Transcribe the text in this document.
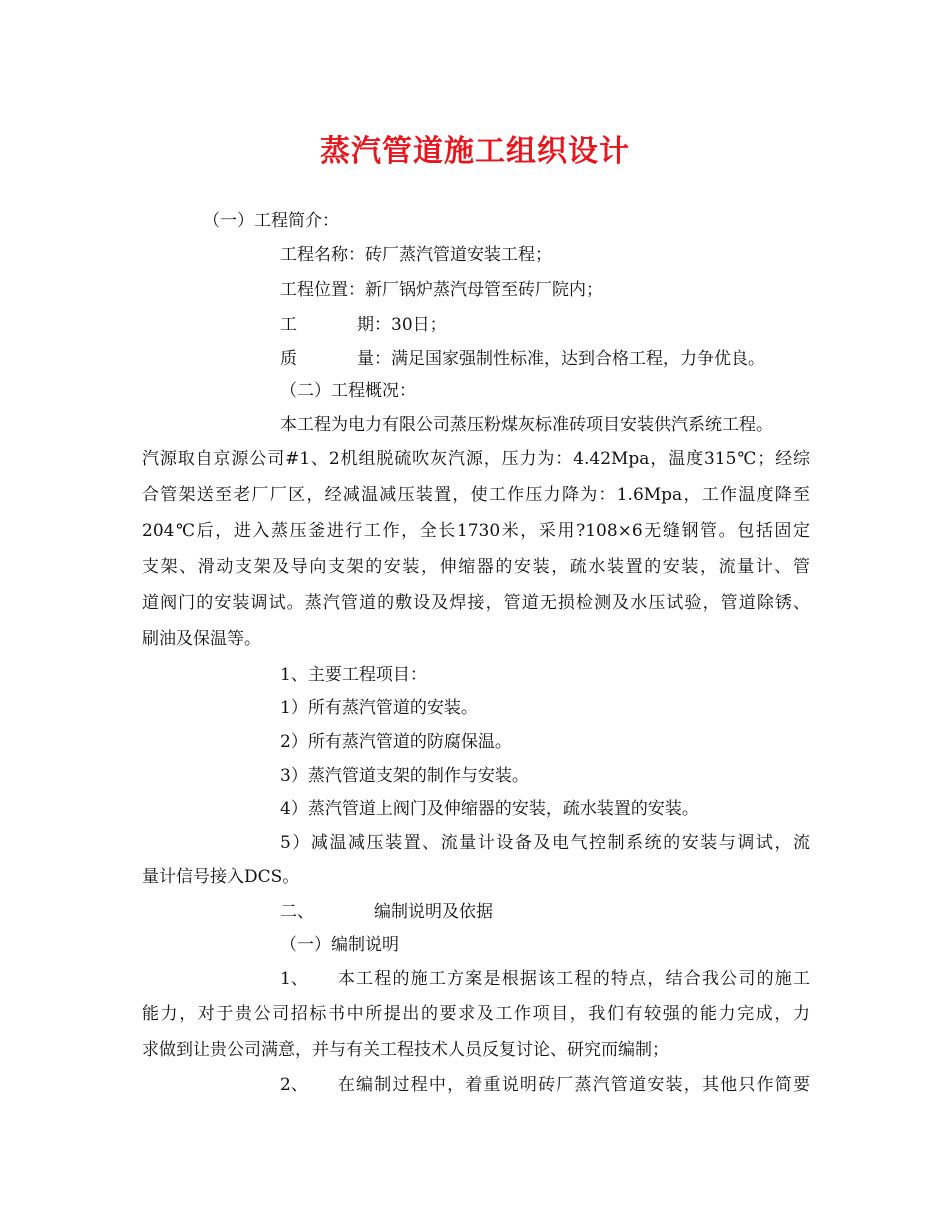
蒸汽管道施工组织设计
（一）工程简介：
工程名称：砖厂蒸汽管道安装工程；
工程位置：新厂锅炉蒸汽母管至砖厂院内；
工	期：30日；
质	量：满足国家强制性标准，达到合格工程，力争优良。
（二）工程概况：
本工程为电力有限公司蒸压粉煤灰标准砖项目安装供汽系统工程。
汽源取自京源公司#1、2机组脱硫吹灰汽源，压力为：4.42Mpa，温度315℃；经综
合管架送至老厂厂区，经减温减压装置，使工作压力降为：1.6Mpa，工作温度降至
204℃后，进入蒸压釜进行工作，全长1730米，采用?108×6无缝钢管。包括固定
支架、滑动支架及导向支架的安装，伸缩器的安装，疏水装置的安装，流量计、管
道阀门的安装调试。蒸汽管道的敷设及焊接，管道无损检测及水压试验，管道除锈、
刷油及保温等。
1、主要工程项目：
1）所有蒸汽管道的安装。
2）所有蒸汽管道的防腐保温。
3）蒸汽管道支架的制作与安装。
4）蒸汽管道上阀门及伸缩器的安装，疏水装置的安装。
5）减温减压装置、流量计设备及电气控制系统的安装与调试，流
量计信号接入DCS。
二、	编制说明及依据
（一）编制说明
1、 本工程的施工方案是根据该工程的特点，结合我公司的施工
能力，对于贵公司招标书中所提出的要求及工作项目，我们有较强的能力完成，力
求做到让贵公司满意，并与有关工程技术人员反复讨论、研究而编制；
2、 在编制过程中，着重说明砖厂蒸汽管道安装，其他只作简要
